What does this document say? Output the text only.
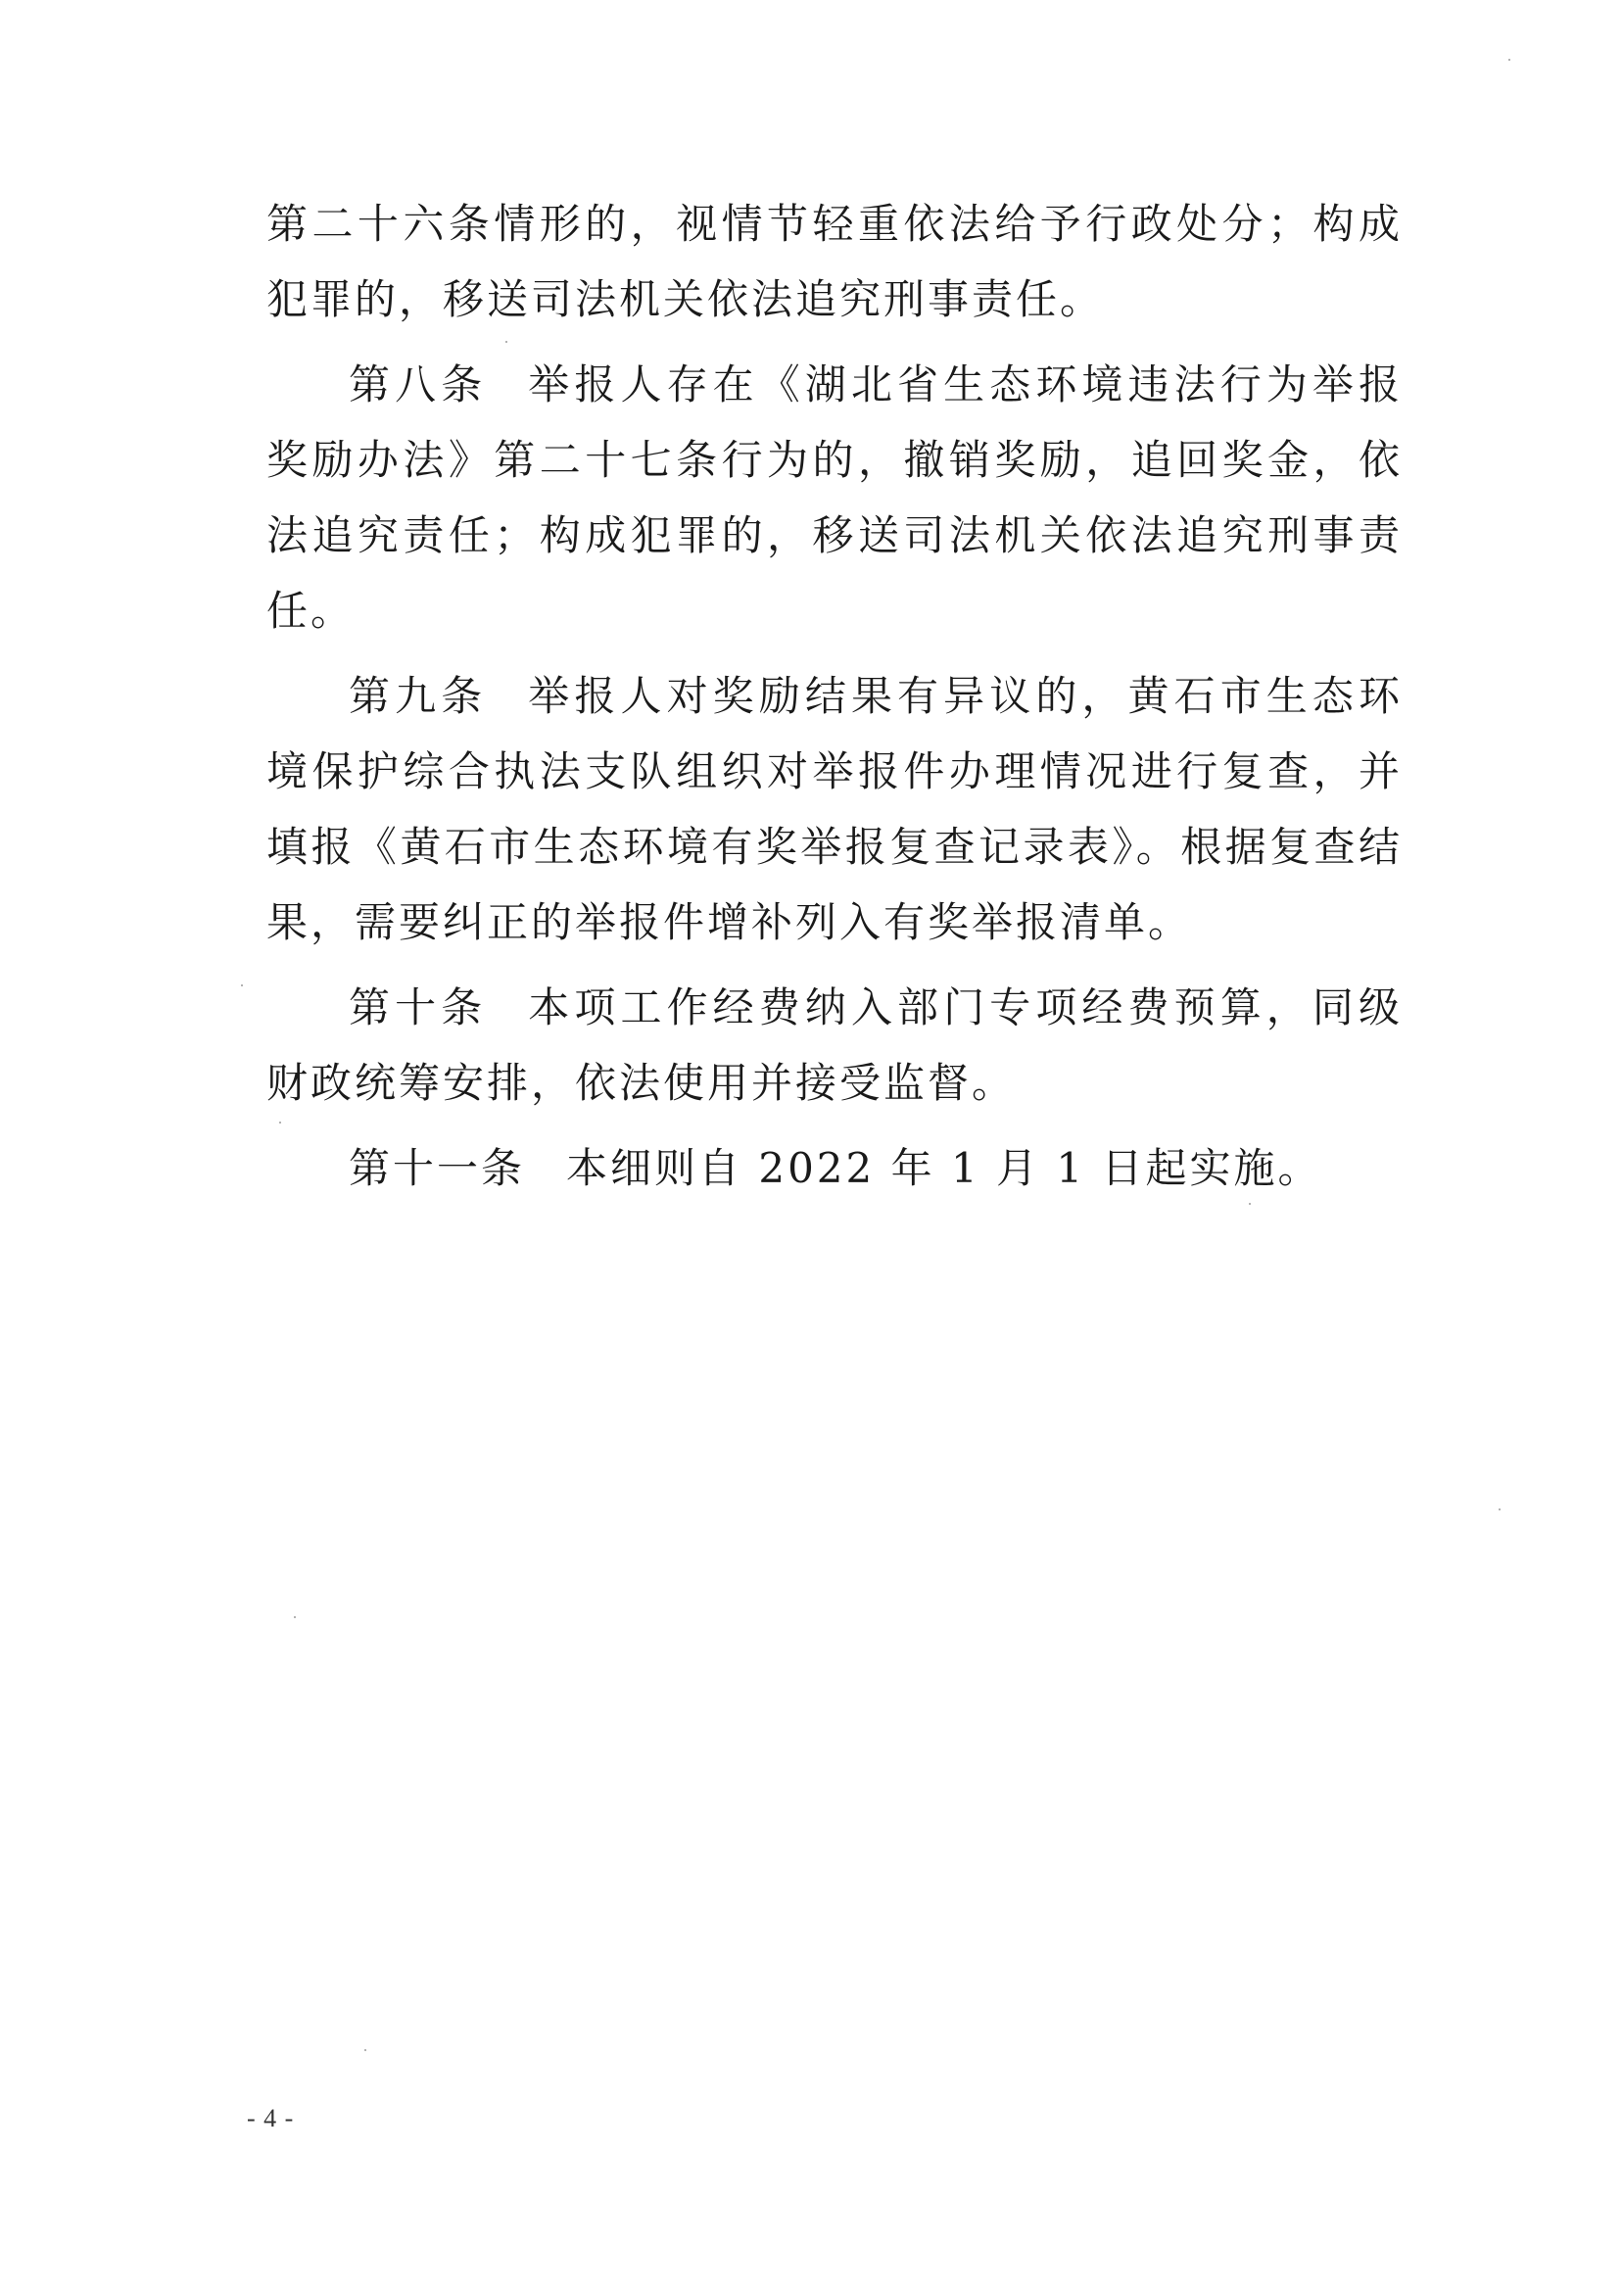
第二十六条情形的，视情节轻重依法给予行政处分；构成犯罪的，移送司法机关依法追究刑事责任。

第八条 举报人存在《湖北省生态环境违法行为举报奖励办法》第二十七条行为的，撤销奖励，追回奖金，依法追究责任；构成犯罪的，移送司法机关依法追究刑事责任。

第九条 举报人对奖励结果有异议的，黄石市生态环境保护综合执法支队组织对举报件办理情况进行复查，并填报《黄石市生态环境有奖举报复查记录表》。根据复查结果，需要纠正的举报件增补列入有奖举报清单。

第十条 本项工作经费纳入部门专项经费预算，同级财政统筹安排，依法使用并接受监督。

第十一条 本细则自 2022 年 1 月 1 日起实施。

- 4 -
